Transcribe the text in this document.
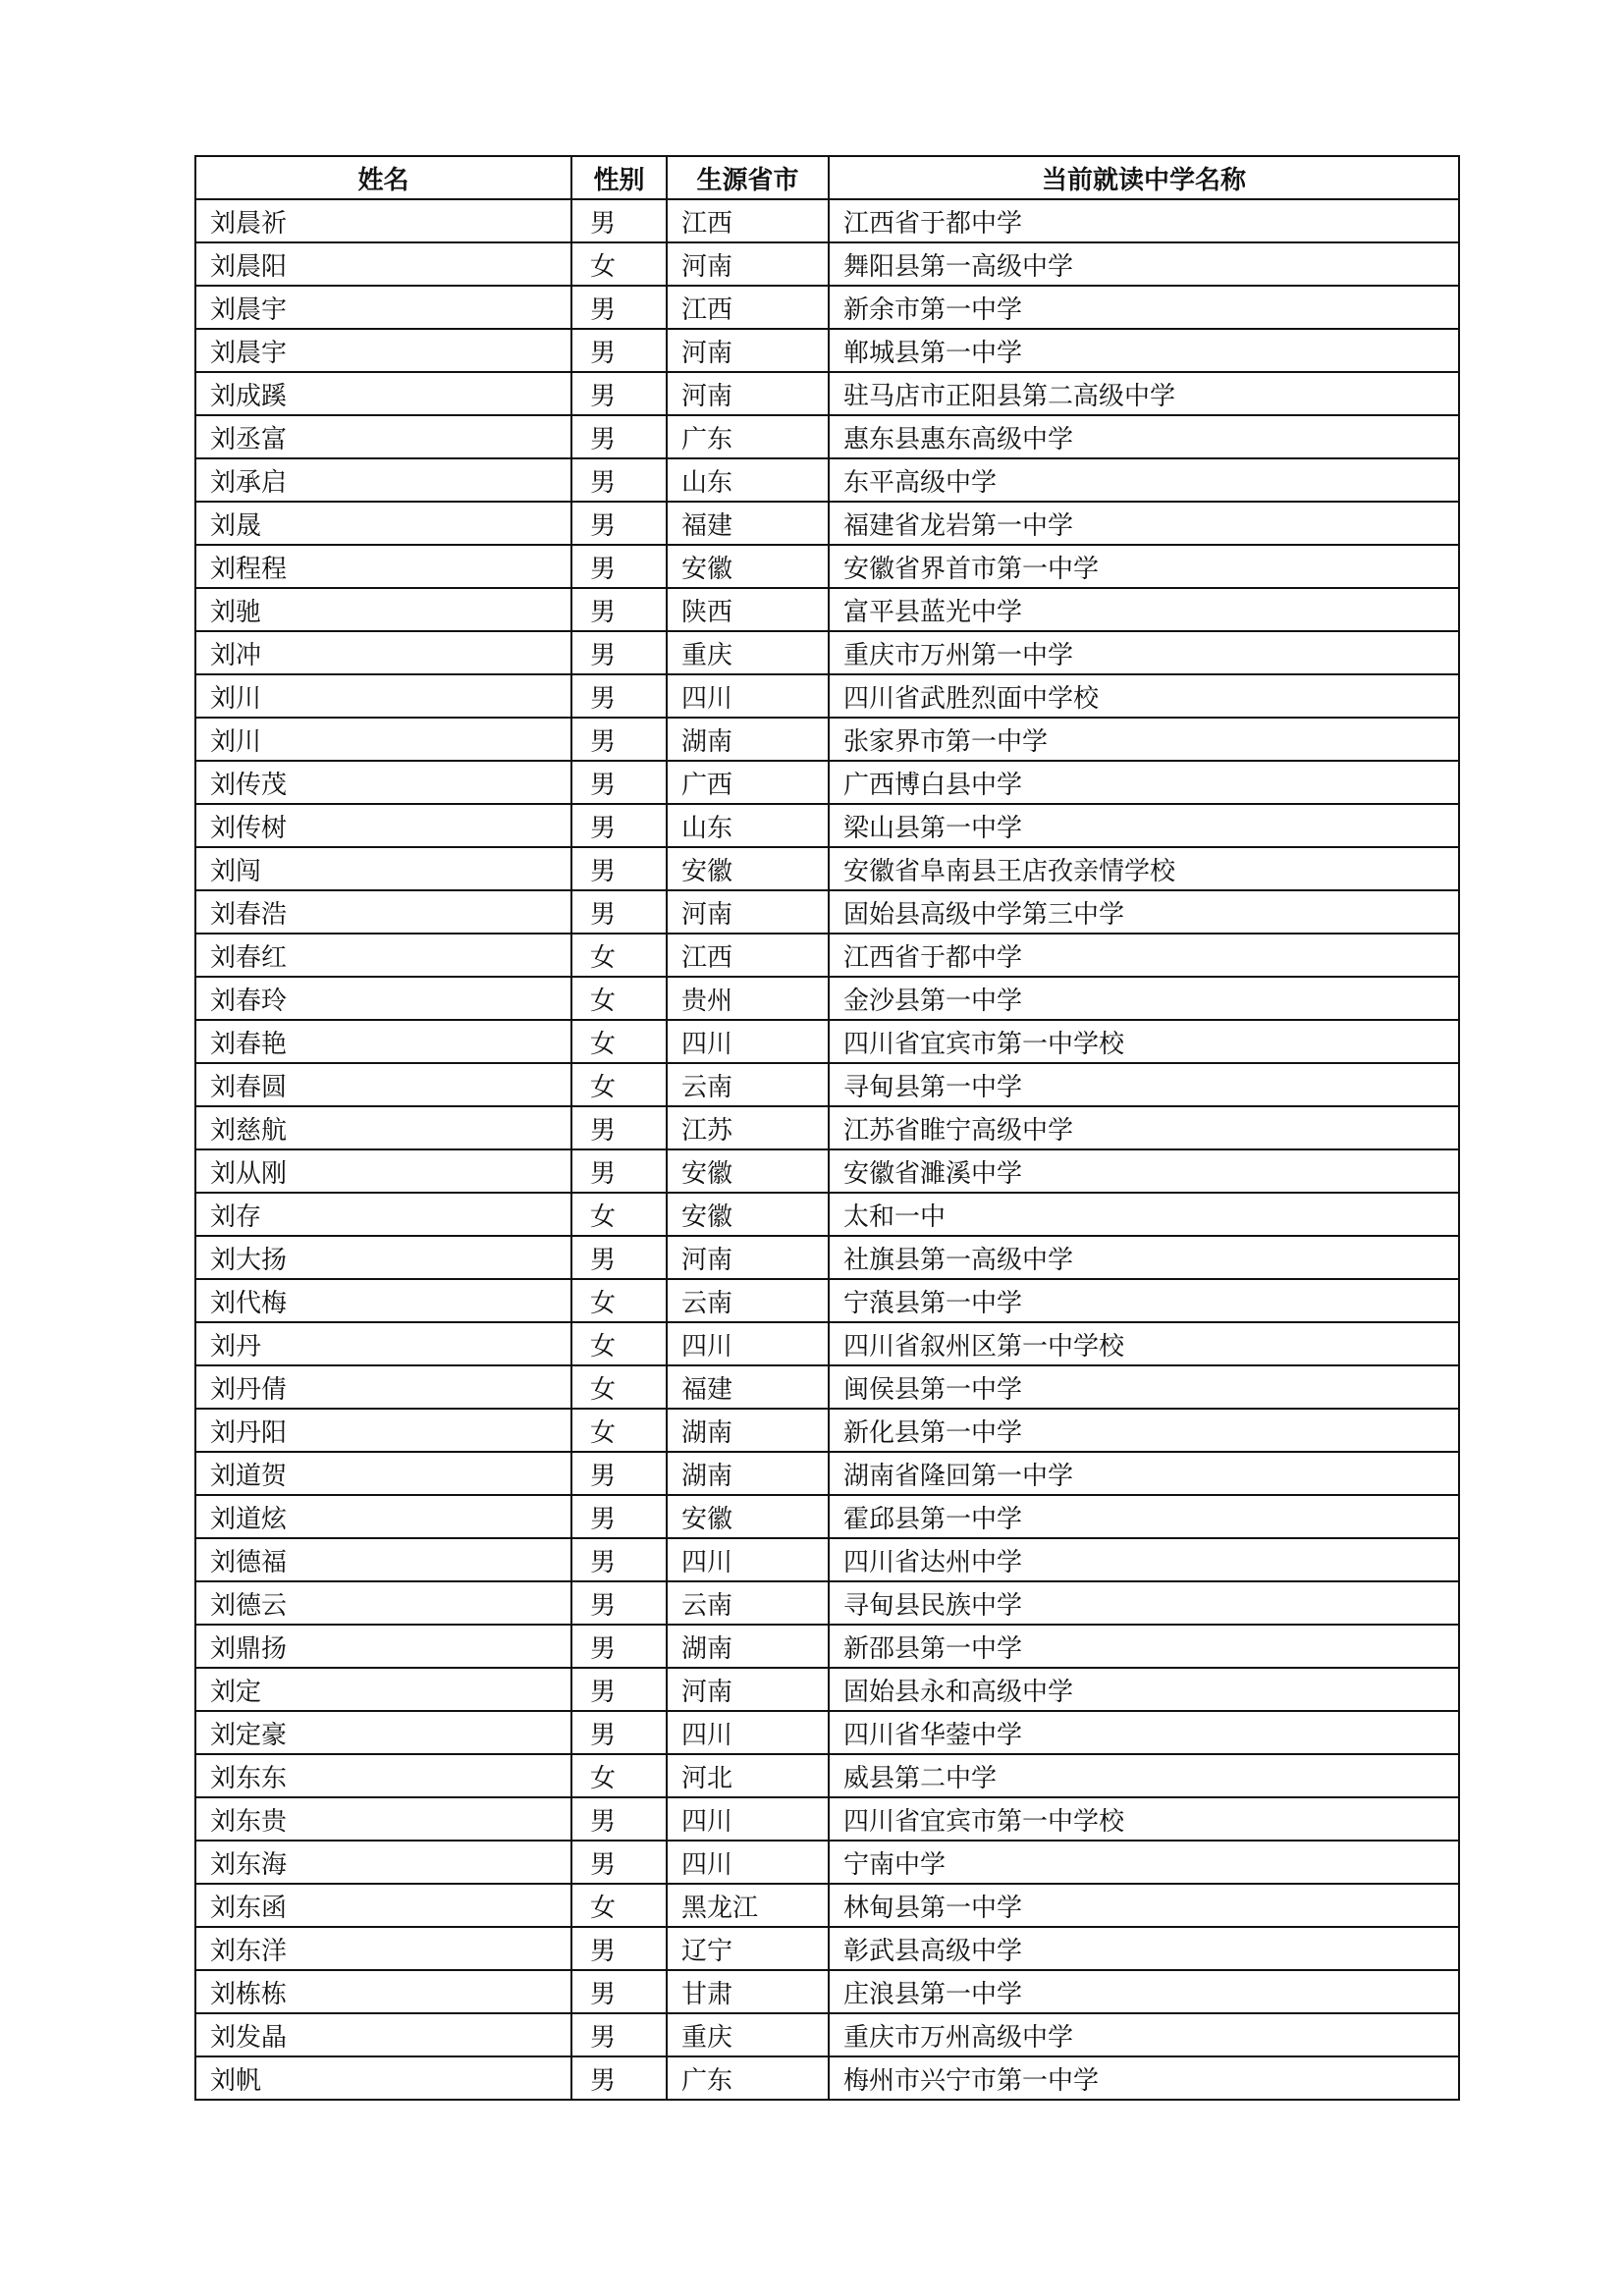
姓名	性别	生源省市	当前就读中学名称
刘晨祈	男	江西	江西省于都中学
刘晨阳	女	河南	舞阳县第一高级中学
刘晨宇	男	江西	新余市第一中学
刘晨宇	男	河南	郸城县第一中学
刘成蹊	男	河南	驻马店市正阳县第二高级中学
刘丞富	男	广东	惠东县惠东高级中学
刘承启	男	山东	东平高级中学
刘晟	男	福建	福建省龙岩第一中学
刘程程	男	安徽	安徽省界首市第一中学
刘驰	男	陕西	富平县蓝光中学
刘冲	男	重庆	重庆市万州第一中学
刘川	男	四川	四川省武胜烈面中学校
刘川	男	湖南	张家界市第一中学
刘传茂	男	广西	广西博白县中学
刘传树	男	山东	梁山县第一中学
刘闯	男	安徽	安徽省阜南县王店孜亲情学校
刘春浩	男	河南	固始县高级中学第三中学
刘春红	女	江西	江西省于都中学
刘春玲	女	贵州	金沙县第一中学
刘春艳	女	四川	四川省宜宾市第一中学校
刘春圆	女	云南	寻甸县第一中学
刘慈航	男	江苏	江苏省睢宁高级中学
刘从刚	男	安徽	安徽省濉溪中学
刘存	女	安徽	太和一中
刘大扬	男	河南	社旗县第一高级中学
刘代梅	女	云南	宁蒗县第一中学
刘丹	女	四川	四川省叙州区第一中学校
刘丹倩	女	福建	闽侯县第一中学
刘丹阳	女	湖南	新化县第一中学
刘道贺	男	湖南	湖南省隆回第一中学
刘道炫	男	安徽	霍邱县第一中学
刘德福	男	四川	四川省达州中学
刘德云	男	云南	寻甸县民族中学
刘鼎扬	男	湖南	新邵县第一中学
刘定	男	河南	固始县永和高级中学
刘定豪	男	四川	四川省华蓥中学
刘东东	女	河北	威县第二中学
刘东贵	男	四川	四川省宜宾市第一中学校
刘东海	男	四川	宁南中学
刘东函	女	黑龙江	林甸县第一中学
刘东洋	男	辽宁	彰武县高级中学
刘栋栋	男	甘肃	庄浪县第一中学
刘发晶	男	重庆	重庆市万州高级中学
刘帆	男	广东	梅州市兴宁市第一中学
